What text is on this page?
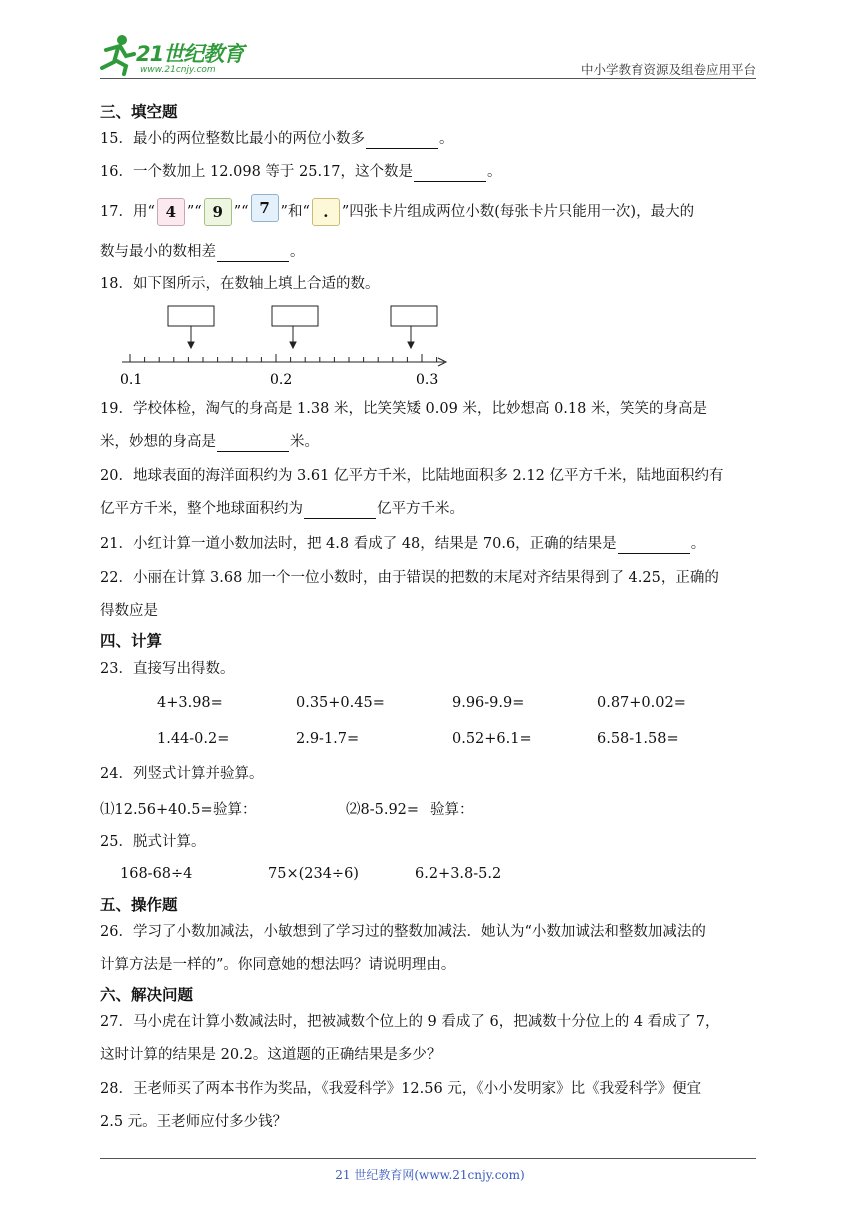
21世纪教育
www.21cnjy.com	中小学教育资源及组卷应用平台
三、填空题
15．最小的两位整数比最小的两位小数多	。
16．一个数加上 12.098 等于 25.17，这个数是	。
17．用“ 4 ”“ 9 ”“ 7 ”和“ . ”四张卡片组成两位小数(每张卡片只能用一次)，最大的
数与最小的数相差	。
18．如下图所示，在数轴上填上合适的数。
0.1	0.2	0.3
19．学校体检，淘气的身高是 1.38 米，比笑笑矮 0.09 米，比妙想高 0.18 米，笑笑的身高是
米，妙想的身高是	米。
20．地球表面的海洋面积约为 3.61 亿平方千米，比陆地面积多 2.12 亿平方千米，陆地面积约有
亿平方千米，整个地球面积约为	亿平方千米。
21．小红计算一道小数加法时，把 4.8 看成了 48，结果是 70.6，正确的结果是	。
22．小丽在计算 3.68 加一个一位小数时，由于错误的把数的末尾对齐结果得到了 4.25，正确的
得数应是
四、计算
23．直接写出得数。
4+3.98=	0.35+0.45=	9.96-9.9=	0.87+0.02=
1.44-0.2=	2.9-1.7=	0.52+6.1=	6.58-1.58=
24．列竖式计算并验算。
⑴12.56+40.5= 验算：	⑵8-5.92= 验算：
25．脱式计算。
168-68÷4	75×(234÷6)	6.2+3.8-5.2
五、操作题
26．学习了小数加减法，小敏想到了学习过的整数加减法．她认为“小数加诚法和整数加减法的
计算方法是一样的”。你同意她的想法吗？请说明理由。
六、解决问题
27．马小虎在计算小数减法时，把被减数个位上的 9 看成了 6，把减数十分位上的 4 看成了 7，
这时计算的结果是 20.2。这道题的正确结果是多少？
28．王老师买了两本书作为奖品，《我爱科学》12.56 元，《小小发明家》比《我爱科学》便宜
2.5 元。王老师应付多少钱？
21 世纪教育网(www.21cnjy.com)
